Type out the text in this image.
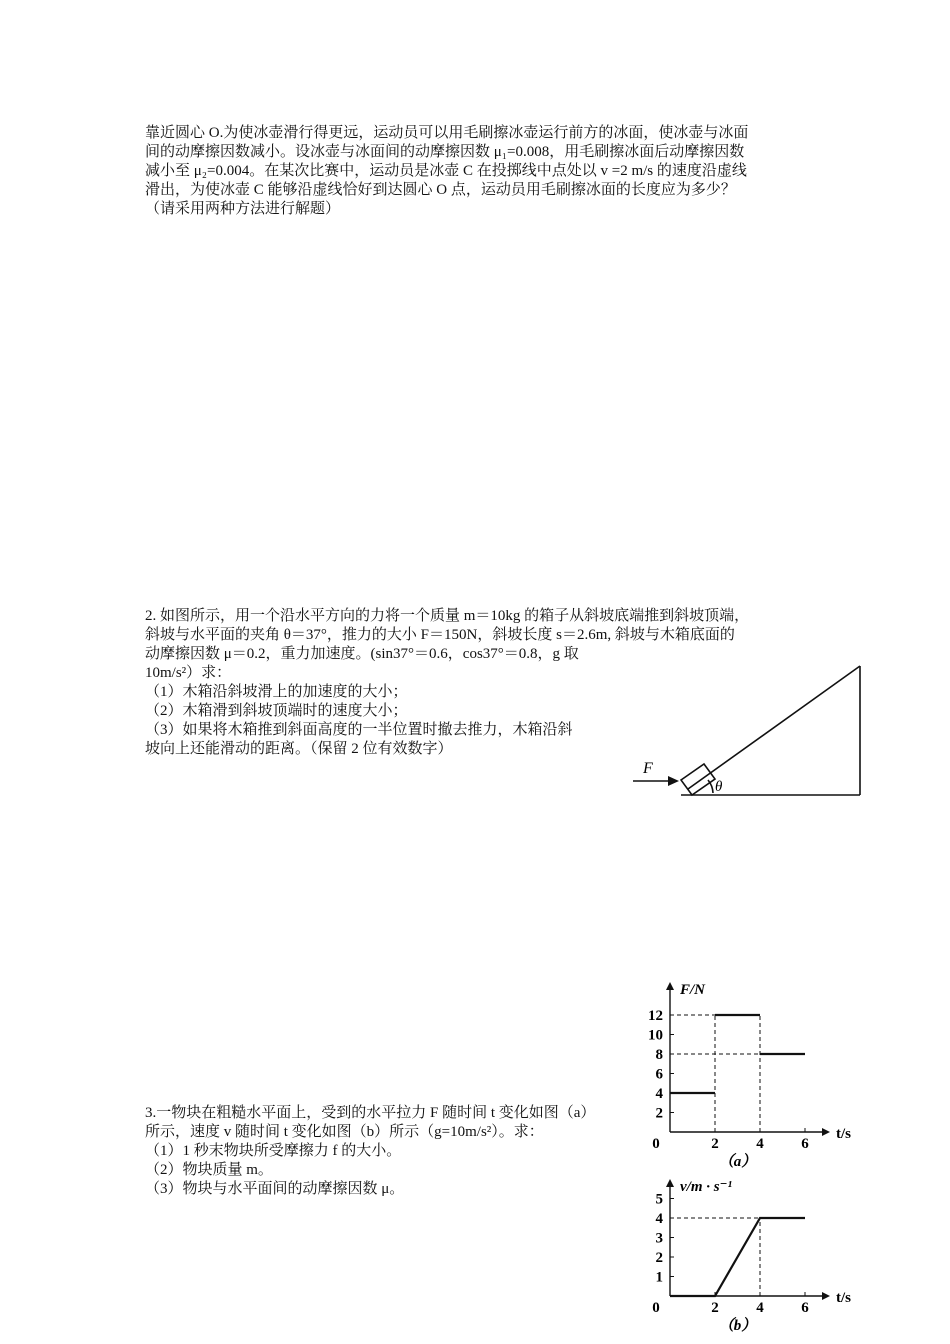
靠近圆心 O.为使冰壶滑行得更远，运动员可以用毛刷擦冰壶运行前方的冰面，使冰壶与冰面
间的动摩擦因数减小。设冰壶与冰面间的动摩擦因数 μ₁=0.008，用毛刷擦冰面后动摩擦因数
减小至 μ₂=0.004。在某次比赛中，运动员是冰壶 C 在投掷线中点处以 v =2 m/s 的速度沿虚线
滑出，为使冰壶 C 能够沿虚线恰好到达圆心 O 点，运动员用毛刷擦冰面的长度应为多少？
（请采用两种方法进行解题）
2. 如图所示，用一个沿水平方向的力将一个质量 m＝10kg 的箱子从斜坡底端推到斜坡顶端，
斜坡与水平面的夹角 θ＝37°，推力的大小 F＝150N，斜坡长度 s＝2.6m, 斜坡与木箱底面的
动摩擦因数 μ＝0.2，重力加速度。(sin37°＝0.6，cos37°＝0.8，g 取
10m/s²）求：
（1）木箱沿斜坡滑上的加速度的大小；
（2）木箱滑到斜坡顶端时的速度大小；
（3）如果将木箱推到斜面高度的一半位置时撤去推力，木箱沿斜
坡向上还能滑动的距离。（保留 2 位有效数字）
F
θ
3.一物块在粗糙水平面上，受到的水平拉力 F 随时间 t 变化如图（a）
所示，速度 v 随时间 t 变化如图（b）所示（g=10m/s²）。求：
（1）1 秒末物块所受摩擦力 f 的大小。
（2）物块质量 m。
（3）物块与水平面间的动摩擦因数 μ。
2	4	6
2
4
6
8
10
12
0
t/s
F/N
（a）
2	4	6
1
2
3
4
5
0
t/s
v/m · s⁻¹
（b）
